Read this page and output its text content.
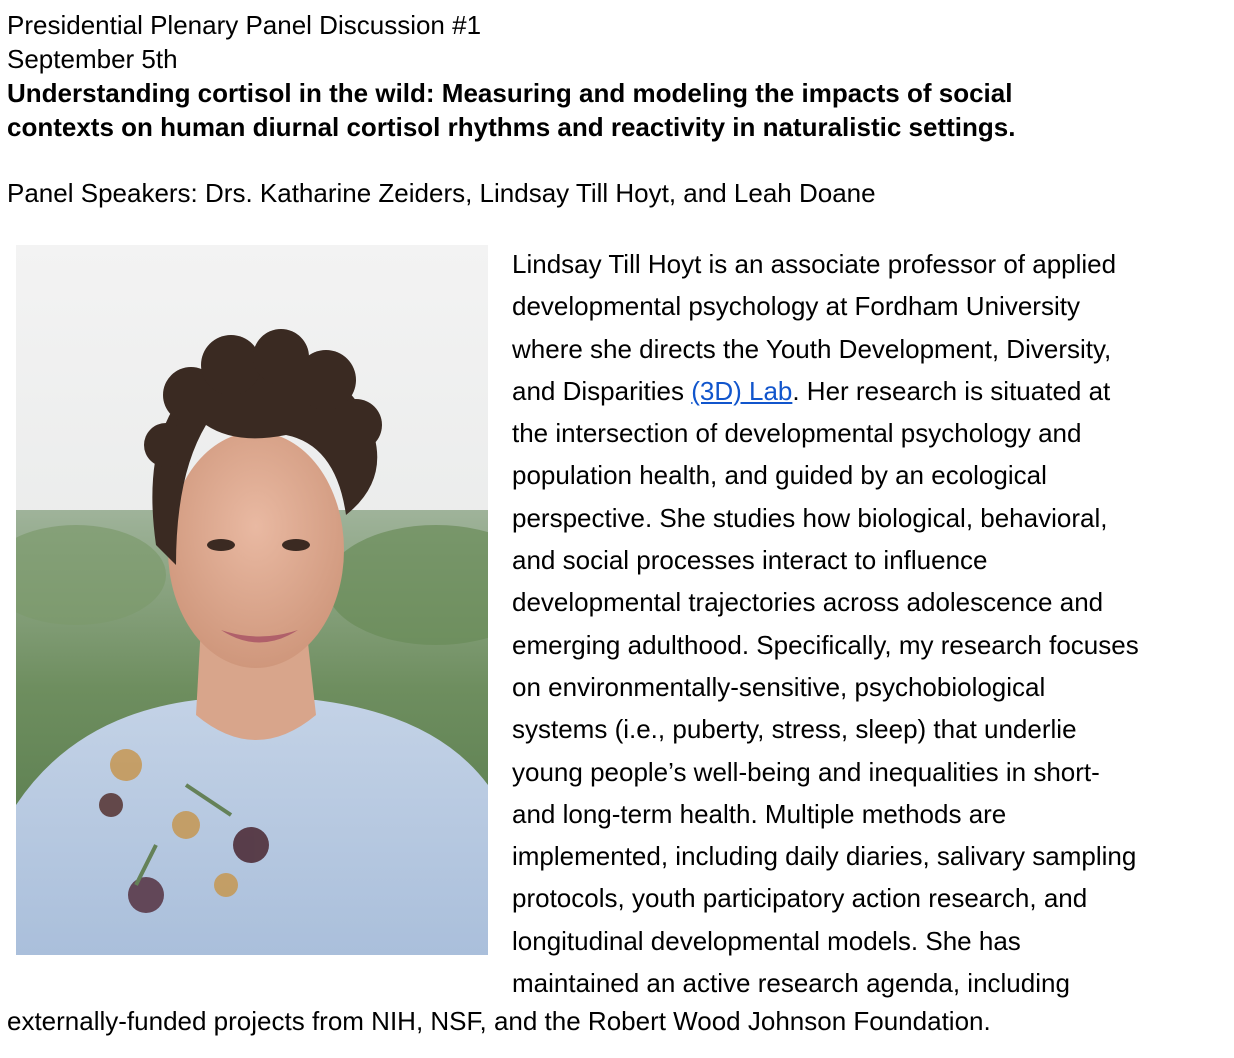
Presidential Plenary Panel Discussion #1
September 5th
Understanding cortisol in the wild: Measuring and modeling the impacts of social
contexts on human diurnal cortisol rhythms and reactivity in naturalistic settings.
Panel Speakers: Drs. Katharine Zeiders, Lindsay Till Hoyt, and Leah Doane
Lindsay Till Hoyt is an associate professor of applied
developmental psychology at Fordham University
where she directs the Youth Development, Diversity,
and Disparities (3D) Lab. Her research is situated at
the intersection of developmental psychology and
population health, and guided by an ecological
perspective. She studies how biological, behavioral,
and social processes interact to influence
developmental trajectories across adolescence and
emerging adulthood. Specifically, my research focuses
on environmentally-sensitive, psychobiological
systems (i.e., puberty, stress, sleep) that underlie
young people’s well-being and inequalities in short-
and long-term health. Multiple methods are
implemented, including daily diaries, salivary sampling
protocols, youth participatory action research, and
longitudinal developmental models. She has
maintained an active research agenda, including
externally-funded projects from NIH, NSF, and the Robert Wood Johnson Foundation.
